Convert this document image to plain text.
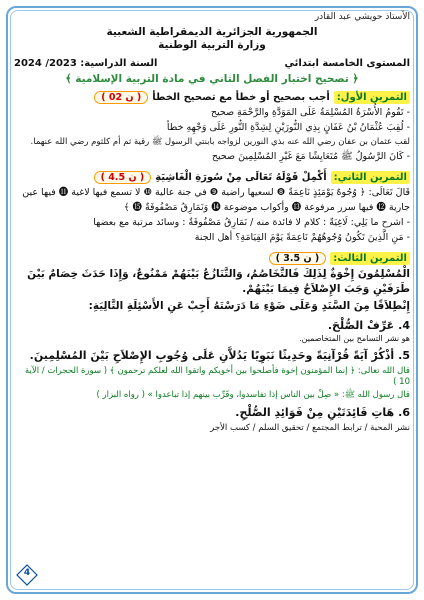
الأستاذ حويشي عبد القادر
الجمهورية الجزائرية الديمقراطية الشعبية
وزارة التربية الوطنية
المستوى الخامسة ابتدائي
السنة الدراسية: 2023/ 2024
﴿ تصحيح اختبار الفصل الثاني في مادة التربية الإسلامية ﴾
التمرين الأول:
أجب بصحيح أو خطأ مع تصحيح الخطأ
( 02 ن )
- تَقُومُ الأُسْرَةُ المُسْلِمَةُ عَلَى المَوَدَّةِ والرَّحْمَةِ صحيح
- لُقِبَ عُثْمَانُ بْنُ عَفَانٍ بِذِي النُّورَيْنِ لِشِدَّةِ النُّورِ عَلَى وَجْهِهِ خطأ
لقب عثمان بن عفان رضي الله عنه بذي النورين لزواجه بابنتي الرسول ﷺ رقية ثم أم كلثوم رضي الله عنهما.
- كَانَ الرَّسُولُ ﷺ مُتَعَايِشًا مَعَ غَيْرِ المُسْلِمِينَ صحيح
التمرين الثاني:
أَكْمِلْ قَوْلَهُ تَعَالَى مِنْ سُورَةِ الْغَاشِيَةِ
( 4.5 ن )
قَالَ تَعَالَى: ﴿ وُجُوهٌ يَوْمَئِذٍ نَاعِمَةٌ ❽ لسعيها راضية ❾ في جنة عالية ❿ لا تسمع فيها لاغية ⓫ فيها عين
جارية ⓬ فيها سرر مرفوعة ⓭ وأكواب موضوعة ⓮ وَنَمَارِقُ مَصْفُوفَةٌ ⓯ ﴾
- اشرح ما يَلِي: لَاغِيَةٌ : كلام لا فائدة منه / نَمَارِقُ مَصْفُوفَةٌ : وسائد مرتبة مع بعضها
- مَنِ الَّذِينَ تَكُونُ وُجُوهُهُمْ نَاعِمَةً يَوْمَ القِيَامَةِ؟ أهل الجنة
التمرين الثالث:
( 3.5 ن )
الْمُسْلِمُونَ إِخْوَةٌ لِذَلِكَ فَالتَّخَاصُمُ، وَالتَّنَازُعُ بَيْنَهُمْ مَمْنُوعٌ، وَإِذَا حَدَثَ خِصَامٌ بَيْنَ طَرَفَيْنِ وَجَبَ الإِصْلاَحُ فِيمَا بَيْنَهُمْ.
إِنْطِلاَقًا مِنَ السَّنَدِ وَعَلَى ضَوْءِ مَا دَرَسْتَهُ أَجِبْ عَنِ الأَسْئِلَةِ التَّالِيَةِ:
4.عَرِّفْ الصُّلْحَ.
هو نشر التسامح بين المتخاصمين.
5.أذْكُرْ آيَةً قُرْآنِيَةً وحَدِيثًا نَبَوِيًا يَدُلاَّنِ عَلَى وُجُوبِ الإِصْلاَحِ بَيْنَ المُسْلِمِينَ.
قال الله تعالى: ﴿ إنما المؤمنون إخوة فأصلحوا بين أخويكم واتقوا الله لعلكم ترحمون ﴾ ( سورة الحجرات / الآية 10 )
قال رسول الله ﷺ: « صِلْ بين الناس إذا تفاسدوا، وقَرِّب بينهم إذا تباعدوا » ( رواه البزار )
6.هَاتِ فَائِدَتَيْنِ مِنْ فَوَائِدِ الصُّلْحِ.
نشر المحبة / ترابط المجتمع / تحقيق السلم / كسب الأجر
4
